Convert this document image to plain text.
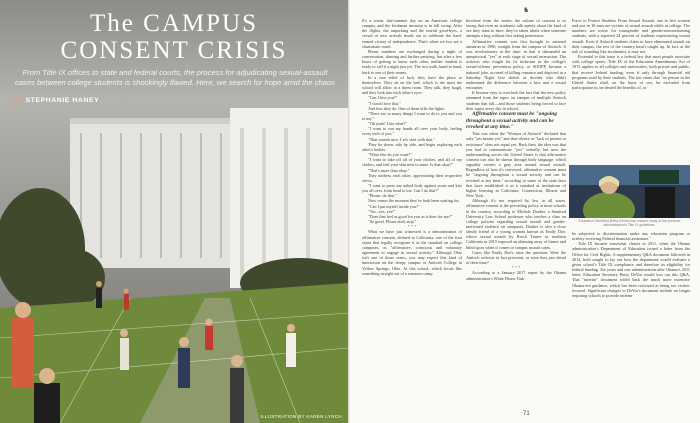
The CAMPUS
CONSENT CRISIS

From Title IX offices to state and federal courts, the process for adjudicating sexual-assault cases between college students is shockingly flawed. Here, we search for hope amid the chaos

by STEPHANIE HANEY
ILLUSTRATION BY KAREN LYNCH
♞

It's a warm, late-summer day on an American college campus, and the freshman invasion is in full swing. After the flights, the unpacking and the tearful good-byes, a crowd of new arrivals heads out to celebrate the hard-earned victory of independence. That's when we two are a charismatic meet.

Phone numbers are exchanged during a night of conversation, dancing and further partying, but after a few hours of getting to know each other, neither student is ready to call it a night just yet. The two walk, hand in hand, back to one of their rooms.

In a rare relief of luck, they have the place to themselves. They sit on the bed, which is the most the school will allow in a dorm room. They talk, they laugh, and they look into each other's eyes.

"Can I kiss you?"

"I would love that."

And kiss they do. One of them kills the lights.

"There are so many things I want to do to you and you to me."

"Oh yeah? Like what?"

"I want to run my hands all over your body, feeling every inch of you."

"That sounds nice. Let's start with that."

They lie down, side by side, and begin exploring each other's bodies.

"What else do you want?"

"I want to take off all of your clothes, and all of my clothes, and feel your skin next to mine. Is that okay?"

"That's more than okay."

They undress each other, appreciating their respective views.

"I want to press my naked body against yours and kiss you all over, from head to toe. Can I do that?"

"Please, do that."

Now comes the moment they've both been waiting for.

"Can I put myself inside you?"

"Yes...yes, yes!"

"Does that feel as good for you as it does for me?"

"So good. Please don't stop."

* * *

What we have just witnessed is a demonstration of affirmative consent, defined in California, one of the four states that legally recognize it as the standard on college campuses, as "affirmative, conscious and voluntary agreement to engage in sexual activity." Although Ohio isn't one of those states, you may expect this kind of interaction on the sleepy campus of Antioch College in Yellow Springs, Ohio. At this school, which locals like something straight out of a romance camp

brochure from the sixties, the culture of consent is so strong that even an academic talk openly about the kind of sex they want to have, they've taken ideals when someone attempts a hug without first asking permission.

Affirmative consent was first brought to national attention in 1990, straight from the campus of Antioch. It was revolutionary at the time: in that it demanded an unequivocal "yes" at each stage of sexual interaction. The activists who fought for its inclusion in the college's sexual-offense prevention policy, or SOOPP, became a national joke, accused of killing romance and depicted in a Saturday Night Live sketch as dweebs who didn't understand the difference between a kiss and a sexual encounter.

It became easy to overlook the fact that the new policy stemmed from the rapes on campus of multiple Antioch students that fall—and those students being forced to face their rapist every day in school.

Affirmative consent must be "ongoing throughout a sexual activity and can be revoked at any time."

That was when the "Womyn of Antioch" declared that only "yes means yes" and that silence or "lack of protest or resistance" does not equal yes. Back then, the idea was that you had to communicate "yes" verbally, but now the understanding across the United States is that affirmative consent can also be shown through body language, which arguably creates a gray area around sexual assault. Regardless of how it's conveyed, affirmative consent must be "ongoing throughout a sexual activity and can be revoked at any time," according to some of the state laws that have established it as a standard at institutions of higher learning in California, Connecticut, Illinois and New York.

Although it's not required by law in all states, affirmative consent is the prevailing policy at most schools in the country, according to Michele Dauber, a Stanford University Law School professor who teaches a class on college policies regarding sexual assault and gender-motivated violence on campuses. Dauber is also a close family friend of a young woman known as Emily Doe, whose sexual assault by Brock Turner in northern California in 2015 exposed an alarming array of biases and blind spots when it comes to campus assault cases.

Cases like Emily Doe's raise the question: Were the Antioch activists in fact prescient, or were they just ahead of their time?

* * *

According to a January 2017 report by the Obama administration's White House Task

Force to Protect Students From Sexual Assault, one in five women and one in 16 men are victims of sexual assault while in college. The numbers are worse for transgender and gender-nonconforming students, with a reported 24 percent of students experiencing sexual assault. Even if Antioch students claim to have eliminated assault on their campus, the rest of the country hasn't caught up. In fact, at the risk of sounding like an alarmist, it may not.

Essential to this issue is a federal law that most people associate with college sports. Title IX of the Education Amendments Act of 1972 applies to all colleges and universities, both private and public, that receive federal funding, even if only through financial aid programs used by their students. The law states that "no person in the United States shall, on the basis of sex, be excluded from participation in, be denied the benefits of, or

Education Secretary Betsy DeVos has undone many of the previous administration's Title IX guidelines.

be subjected to discrimination under any education program or activity receiving Federal financial assistance."

Title IX became somewhat clearer in 2011, when the Obama administration's Department of Education issued a letter from the Office for Civil Rights. A supplementary Q&A document followed in 2014, both sought to lay out how the department would evaluate a given school's Title IX compliance and therefore its eligibility for federal funding. Six years and one administration after Obama's 2011 letter, Education Secretary Betsy DeVos would toss out this Q&A. That "interim" document rolled back the much more extensive Obama-era guidance, which has been criticized as being too victim-focused. Significant changes to DeVos's document include no longer requiring schools to provide interim

71
